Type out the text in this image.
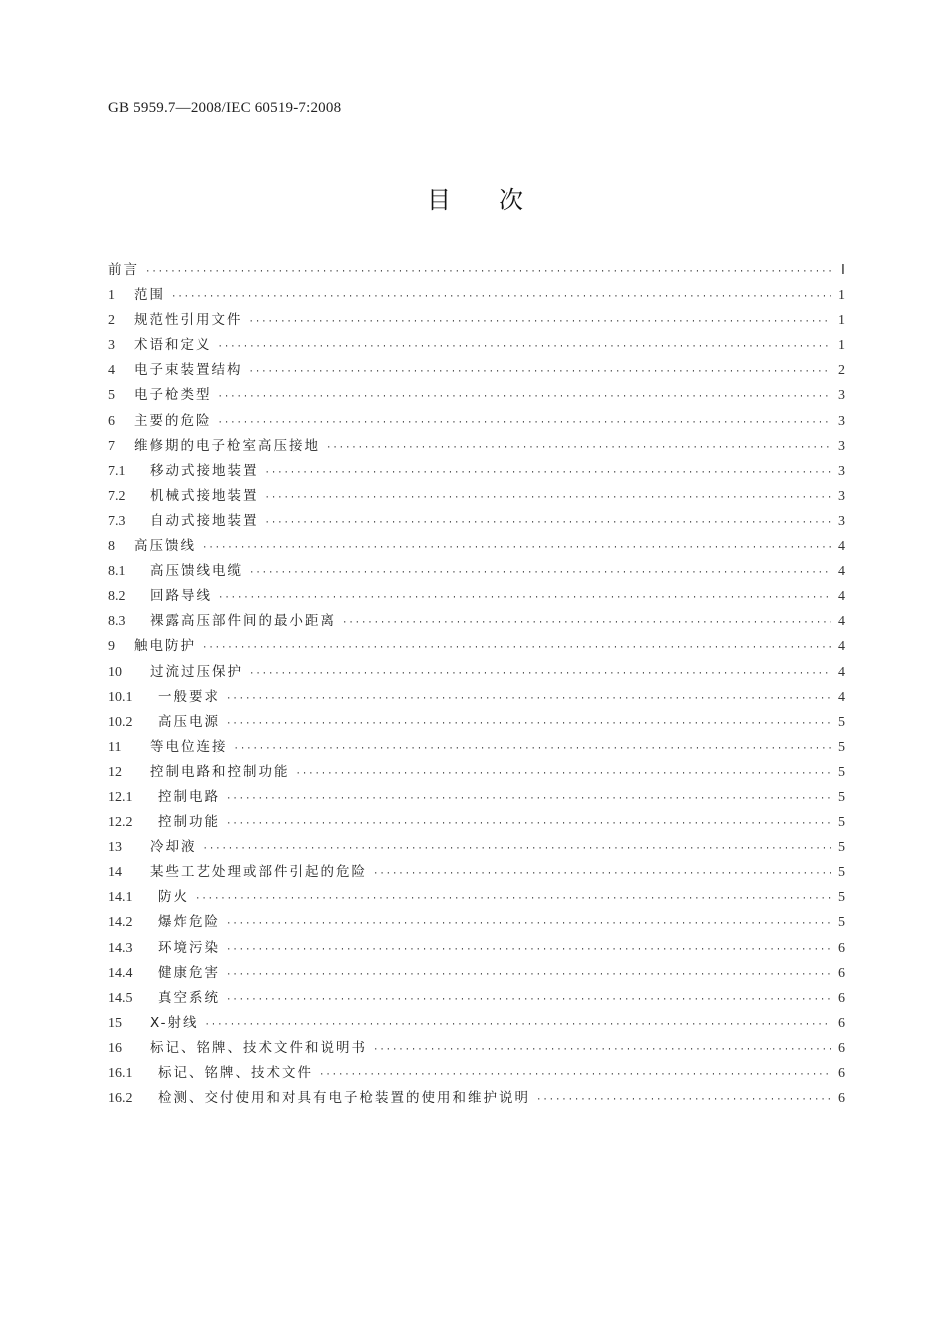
GB 5959.7—2008/IEC 60519-7:2008
目次
前言 ·····	Ⅰ
1	范围 ·····	1
2	规范性引用文件 ·····	1
3	术语和定义 ·····	1
4	电子束装置结构 ·····	2
5	电子枪类型 ·····	3
6	主要的危险 ·····	3
7	维修期的电子枪室高压接地 ·····	3
7.1	移动式接地装置 ·····	3
7.2	机械式接地装置 ·····	3
7.3	自动式接地装置 ·····	3
8	高压馈线 ·····	4
8.1	高压馈线电缆 ·····	4
8.2	回路导线 ·····	4
8.3	裸露高压部件间的最小距离 ·····	4
9	触电防护 ·····	4
10	过流过压保护 ·····	4
10.1	一般要求 ·····	4
10.2	高压电源 ·····	5
11	等电位连接 ·····	5
12	控制电路和控制功能 ·····	5
12.1	控制电路 ·····	5
12.2	控制功能 ·····	5
13	冷却液 ·····	5
14	某些工艺处理或部件引起的危险 ·····	5
14.1	防火 ·····	5
14.2	爆炸危险 ·····	5
14.3	环境污染 ·····	6
14.4	健康危害 ·····	6
14.5	真空系统 ·····	6
15	X-射线 ·····	6
16	标记、铭牌、技术文件和说明书 ·····	6
16.1	标记、铭牌、技术文件 ·····	6
16.2	检测、交付使用和对具有电子枪装置的使用和维护说明 ·····	6
